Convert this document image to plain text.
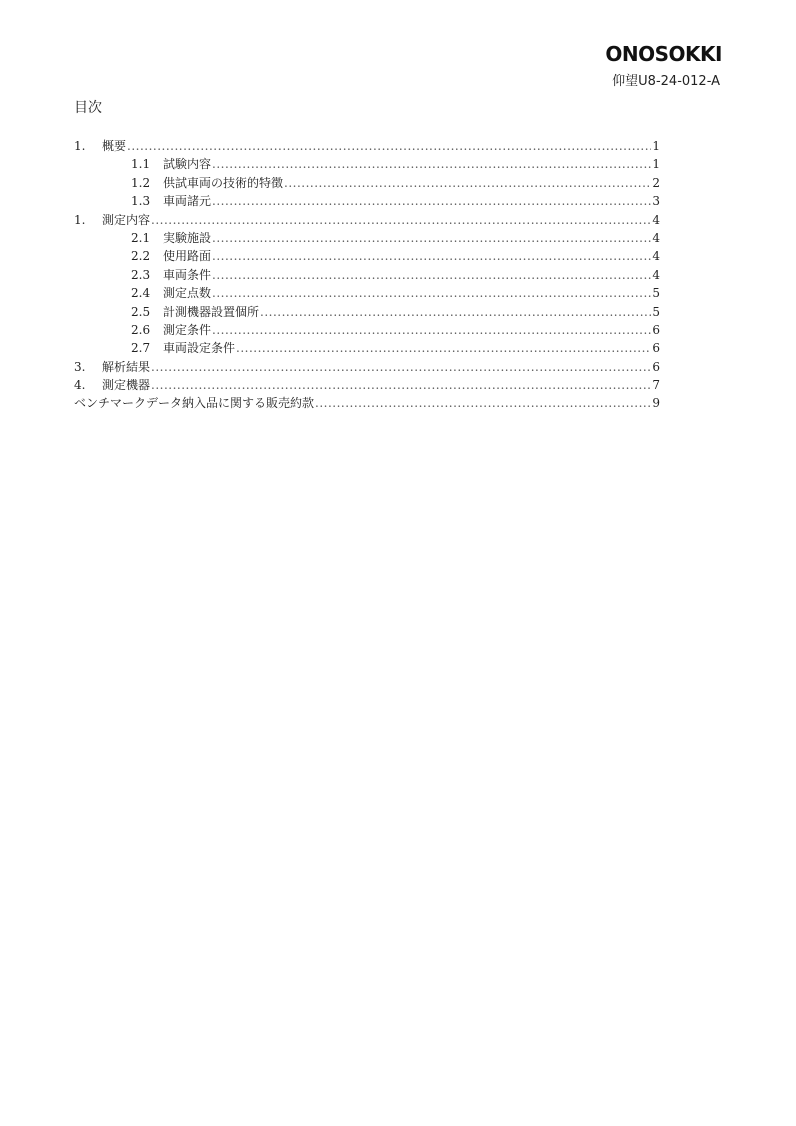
ONOSOKKI
仰望U8-24-012-A
目次
1.	概要 .....	1
1.1	試験内容 .....	1
1.2	供試車両の技術的特徴 .....	2
1.3	車両諸元 .....	3
1.	測定内容 .....	4
2.1	実験施設 .....	4
2.2	使用路面 .....	4
2.3	車両条件 .....	4
2.4	測定点数 .....	5
2.5	計測機器設置個所 .....	5
2.6	測定条件 .....	6
2.7	車両設定条件 .....	6
3.	解析結果 .....	6
4.	測定機器 .....	7
ベンチマークデータ納入品に関する販売約款 .....	9
